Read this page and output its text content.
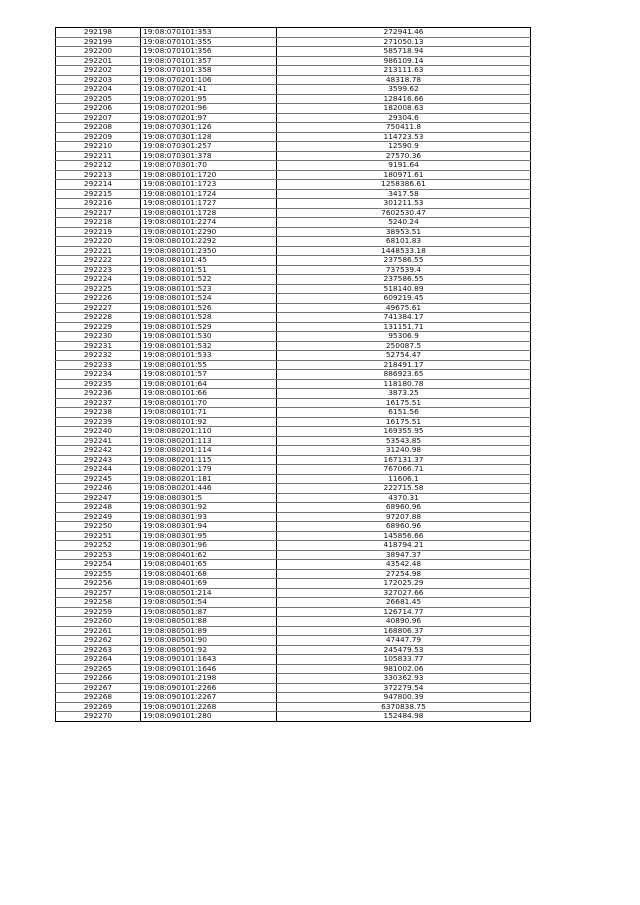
292198	19:08:070101:353	272941.46
292199	19:08:070101:355	271050.13
292200	19:08:070101:356	585718.94
292201	19:08:070101:357	986109.14
292202	19:08:070101:358	213111.63
292203	19:08:070201:106	48318.78
292204	19:08:070201:41	3599.62
292205	19:08:070201:95	128416.66
292206	19:08:070201:96	182008.63
292207	19:08:070201:97	29304.6
292208	19:08:070301:126	750411.8
292209	19:08:070301:128	114723.53
292210	19:08:070301:257	12590.9
292211	19:08:070301:378	27570.36
292212	19:08:070301:70	9191.64
292213	19:08:080101:1720	180971.61
292214	19:08:080101:1723	1258386.61
292215	19:08:080101:1724	3417.58
292216	19:08:080101:1727	301211.53
292217	19:08:080101:1728	7602530.47
292218	19:08:080101:2274	5240.24
292219	19:08:080101:2290	38953.51
292220	19:08:080101:2292	68101.83
292221	19:08:080101:2350	1448533.18
292222	19:08:080101:45	237586.55
292223	19:08:080101:51	737539.4
292224	19:08:080101:522	237586.55
292225	19:08:080101:523	518140.89
292226	19:08:080101:524	609219.45
292227	19:08:080101:526	49675.61
292228	19:08:080101:528	741384.17
292229	19:08:080101:529	131151.71
292230	19:08:080101:530	95306.9
292231	19:08:080101:532	250087.5
292232	19:08:080101:533	52754.47
292233	19:08:080101:55	218491.17
292234	19:08:080101:57	886923.65
292235	19:08:080101:64	118180.78
292236	19:08:080101:66	3873.25
292237	19:08:080101:70	16175.51
292238	19:08:080101:71	6151.56
292239	19:08:080101:92	16175.51
292240	19:08:080201:110	169355.95
292241	19:08:080201:113	53543.85
292242	19:08:080201:114	31240.98
292243	19:08:080201:115	167131.37
292244	19:08:080201:179	767066.71
292245	19:08:080201:181	11606.1
292246	19:08:080201:446	222715.58
292247	19:08:080301:5	4370.31
292248	19:08:080301:92	68960.96
292249	19:08:080301:93	97207.88
292250	19:08:080301:94	68960.96
292251	19:08:080301:95	145856.66
292252	19:08:080301:96	418794.21
292253	19:08:080401:62	38947.37
292254	19:08:080401:65	43542.48
292255	19:08:080401:68	27254.98
292256	19:08:080401:69	172025.29
292257	19:08:080501:214	327027.66
292258	19:08:080501:54	26681.45
292259	19:08:080501:87	126714.77
292260	19:08:080501:88	40890.96
292261	19:08:080501:89	168806.37
292262	19:08:080501:90	47447.79
292263	19:08:080501:92	245479.53
292264	19:08:090101:1643	105833.77
292265	19:08:090101:1646	981002.06
292266	19:08:090101:2198	330362.93
292267	19:08:090101:2266	372279.54
292268	19:08:090101:2267	947800.39
292269	19:08:090101:2268	6370838.75
292270	19:08:090101:280	152484.98
